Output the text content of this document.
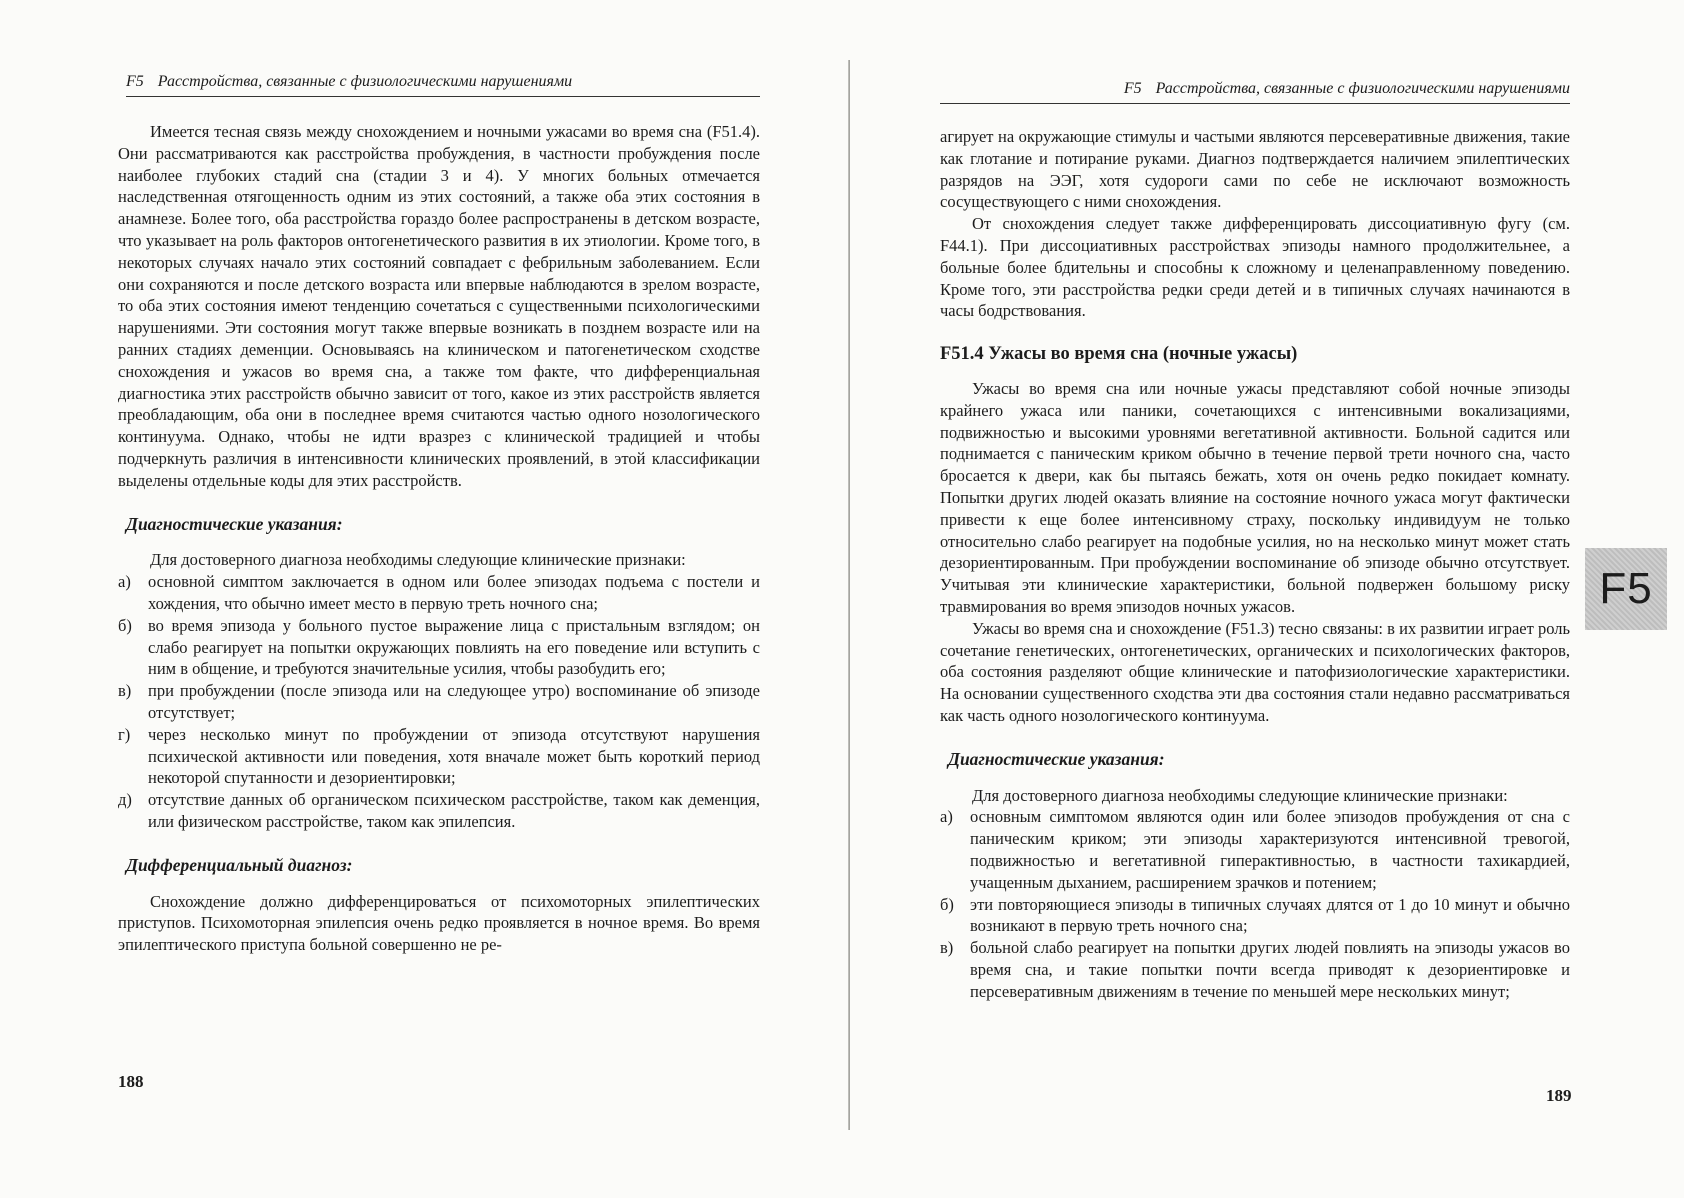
F5 Расстройства, связанные с физиологическими нарушениями

Имеется тесная связь между снохождением и ночными ужасами во время сна (F51.4). Они рассматриваются как расстройства пробуждения, в частности пробуждения после наиболее глубоких стадий сна (стадии 3 и 4). У многих больных отмечается наследственная отягощенность одним из этих состояний, а также оба этих состояния в анамнезе. Более того, оба расстройства гораздо более распространены в детском возрасте, что указывает на роль факторов онтогенетического развития в их этиологии. Кроме того, в некоторых случаях начало этих состояний совпадает с фебрильным заболеванием. Если они сохраняются и после детского возраста или впервые наблюдаются в зрелом возрасте, то оба этих состояния имеют тенденцию сочетаться с существенными психологическими нарушениями. Эти состояния могут также впервые возникать в позднем возрасте или на ранних стадиях деменции. Основываясь на клиническом и патогенетическом сходстве снохождения и ужасов во время сна, а также том факте, что дифференциальная диагностика этих расстройств обычно зависит от того, какое из этих расстройств является преобладающим, оба они в последнее время считаются частью одного нозологического континуума. Однако, чтобы не идти вразрез с клинической традицией и чтобы подчеркнуть различия в интенсивности клинических проявлений, в этой классификации выделены отдельные коды для этих расстройств.

Диагностические указания:

Для достоверного диагноза необходимы следующие клинические признаки:

а) основной симптом заключается в одном или более эпизодах подъема с постели и хождения, что обычно имеет место в первую треть ночного сна;
б) во время эпизода у больного пустое выражение лица с пристальным взглядом; он слабо реагирует на попытки окружающих повлиять на его поведение или вступить с ним в общение, и требуются значительные усилия, чтобы разобудить его;
в) при пробуждении (после эпизода или на следующее утро) воспоминание об эпизоде отсутствует;
г) через несколько минут по пробуждении от эпизода отсутствуют нарушения психической активности или поведения, хотя вначале может быть короткий период некоторой спутанности и дезориентировки;
д) отсутствие данных об органическом психическом расстройстве, таком как деменция, или физическом расстройстве, таком как эпилепсия.
Дифференциальный диагноз:

Снохождение должно дифференцироваться от психомоторных эпилептических приступов. Психомоторная эпилепсия очень редко проявляется в ночное время. Во время эпилептического приступа больной совершенно не ре-

188
F5 Расстройства, связанные с физиологическими нарушениями

агирует на окружающие стимулы и частыми являются персеверативные движения, такие как глотание и потирание руками. Диагноз подтверждается наличием эпилептических разрядов на ЭЭГ, хотя судороги сами по себе не исключают возможность сосуществующего с ними снохождения.

От снохождения следует также дифференцировать диссоциативную фугу (см. F44.1). При диссоциативных расстройствах эпизоды намного продолжительнее, а больные более бдительны и способны к сложному и целенаправленному поведению. Кроме того, эти расстройства редки среди детей и в типичных случаях начинаются в часы бодрствования.

F51.4 Ужасы во время сна (ночные ужасы)

Ужасы во время сна или ночные ужасы представляют собой ночные эпизоды крайнего ужаса или паники, сочетающихся с интенсивными вокализациями, подвижностью и высокими уровнями вегетативной активности. Больной садится или поднимается с паническим криком обычно в течение первой трети ночного сна, часто бросается к двери, как бы пытаясь бежать, хотя он очень редко покидает комнату. Попытки других людей оказать влияние на состояние ночного ужаса могут фактически привести к еще более интенсивному страху, поскольку индивидуум не только относительно слабо реагирует на подобные усилия, но на несколько минут может стать дезориентированным. При пробуждении воспоминание об эпизоде обычно отсутствует. Учитывая эти клинические характеристики, больной подвержен большому риску травмирования во время эпизодов ночных ужасов.

Ужасы во время сна и снохождение (F51.3) тесно связаны: в их развитии играет роль сочетание генетических, онтогенетических, органических и психологических факторов, оба состояния разделяют общие клинические и патофизиологические характеристики. На основании существенного сходства эти два состояния стали недавно рассматриваться как часть одного нозологического континуума.

Диагностические указания:

Для достоверного диагноза необходимы следующие клинические признаки:

а) основным симптомом являются один или более эпизодов пробуждения от сна с паническим криком; эти эпизоды характеризуются интенсивной тревогой, подвижностью и вегетативной гиперактивностью, в частности тахикардией, учащенным дыханием, расширением зрачков и потением;
б) эти повторяющиеся эпизоды в типичных случаях длятся от 1 до 10 минут и обычно возникают в первую треть ночного сна;
в) больной слабо реагирует на попытки других людей повлиять на эпизоды ужасов во время сна, и такие попытки почти всегда приводят к дезориентировке и персеверативным движениям в течение по меньшей мере нескольких минут;
F5
189
